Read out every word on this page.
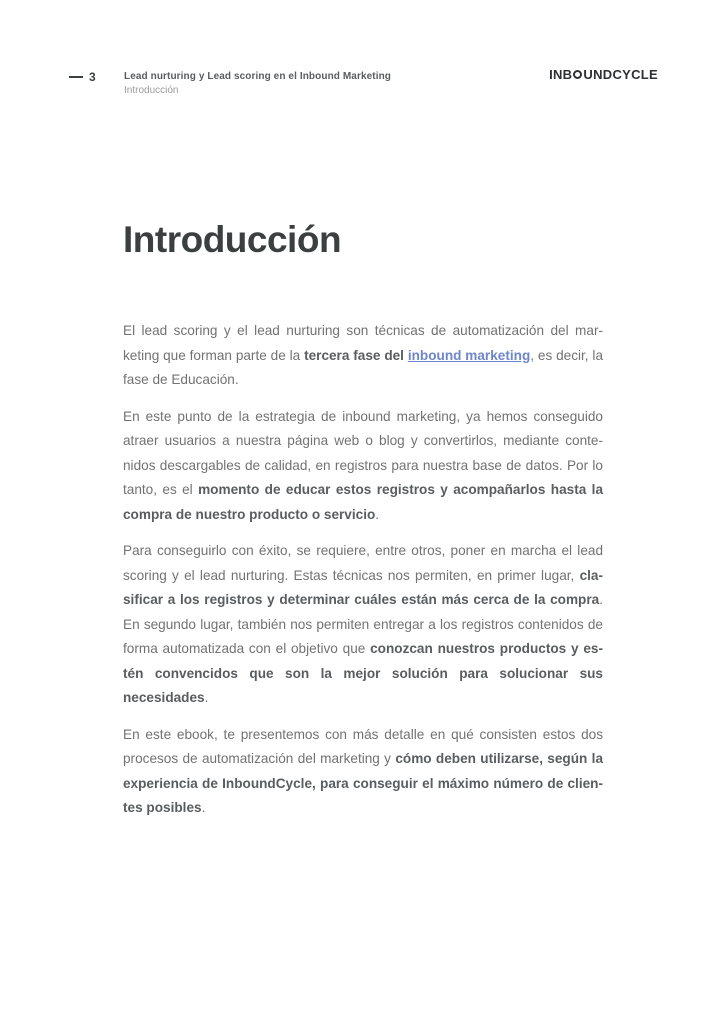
3	Lead nurturing y Lead scoring en el Inbound Marketing
Introducción
INB UNDCYCLE
Introducción

El lead scoring y el lead nurturing son técnicas de automatización del mar-keting que forman parte de la tercera fase del inbound marketing, es decir, la fase de Educación.

En este punto de la estrategia de inbound marketing, ya hemos conseguido atraer usuarios a nuestra página web o blog y convertirlos, mediante conte-nidos descargables de calidad, en registros para nuestra base de datos. Por lo tanto, es el momento de educar estos registros y acompañarlos hasta la compra de nuestro producto o servicio.

Para conseguirlo con éxito, se requiere, entre otros, poner en marcha el lead scoring y el lead nurturing. Estas técnicas nos permiten, en primer lugar, cla-sificar a los registros y determinar cuáles están más cerca de la compra. En segundo lugar, también nos permiten entregar a los registros contenidos de forma automatizada con el objetivo que conozcan nuestros productos y es-tén convencidos que son la mejor solución para solucionar sus necesidades.

En este ebook, te presentemos con más detalle en qué consisten estos dos procesos de automatización del marketing y cómo deben utilizarse, según la experiencia de InboundCycle, para conseguir el máximo número de clien-tes posibles.
